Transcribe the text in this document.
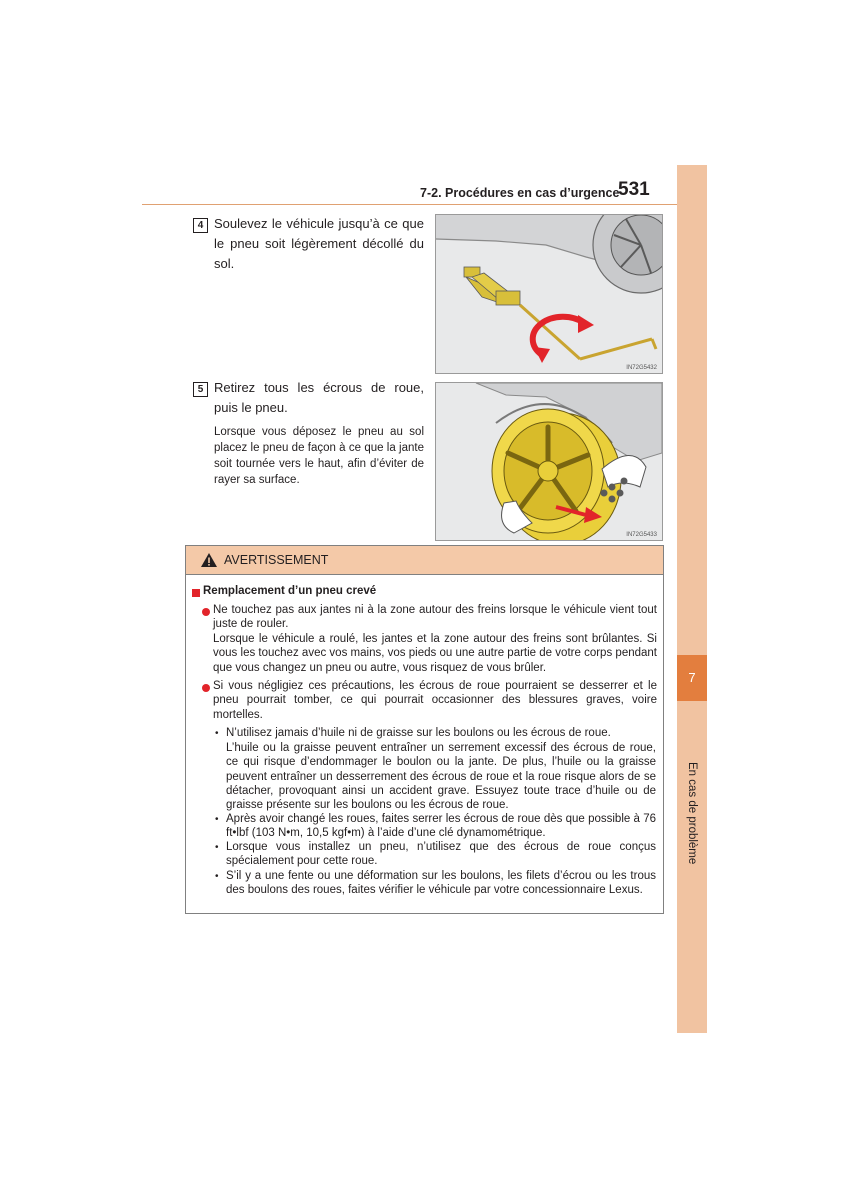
7-2. Procédures en cas d’urgence
531
7
4 Soulevez le véhicule jusqu’à ce que le pneu soit légèrement décollé du sol.
IN72G5432
5 Retirez tous les écrous de roue, puis le pneu.
Lorsque vous déposez le pneu au sol placez le pneu de façon à ce que la jante soit tournée vers le haut, afin d’éviter de rayer sa surface.
IN72G5433
AVERTISSEMENT
Remplacement d’un pneu crevé
Ne touchez pas aux jantes ni à la zone autour des freins lorsque le véhicule vient tout juste de rouler.
Lorsque le véhicule a roulé, les jantes et la zone autour des freins sont brûlantes. Si vous les touchez avec vos mains, vos pieds ou une autre partie de votre corps pendant que vous changez un pneu ou autre, vous risquez de vous brûler.
Si vous négligiez ces précautions, les écrous de roue pourraient se desserrer et le pneu pourrait tomber, ce qui pourrait occasionner des blessures graves, voire mortelles.
• N’utilisez jamais d’huile ni de graisse sur les boulons ou les écrous de roue.
L’huile ou la graisse peuvent entraîner un serrement excessif des écrous de roue, ce qui risque d’endommager le boulon ou la jante. De plus, l’huile ou la graisse peuvent entraîner un desserrement des écrous de roue et la roue risque alors de se détacher, provoquant ainsi un accident grave. Essuyez toute trace d’huile ou de graisse présente sur les boulons ou les écrous de roue.
• Après avoir changé les roues, faites serrer les écrous de roue dès que possible à 76 ft•lbf (103 N•m, 10,5 kgf•m) à l’aide d’une clé dynamométrique.
• Lorsque vous installez un pneu, n’utilisez que des écrous de roue conçus spécialement pour cette roue.
• S’il y a une fente ou une déformation sur les boulons, les filets d’écrou ou les trous des boulons des roues, faites vérifier le véhicule par votre concessionnaire Lexus.
